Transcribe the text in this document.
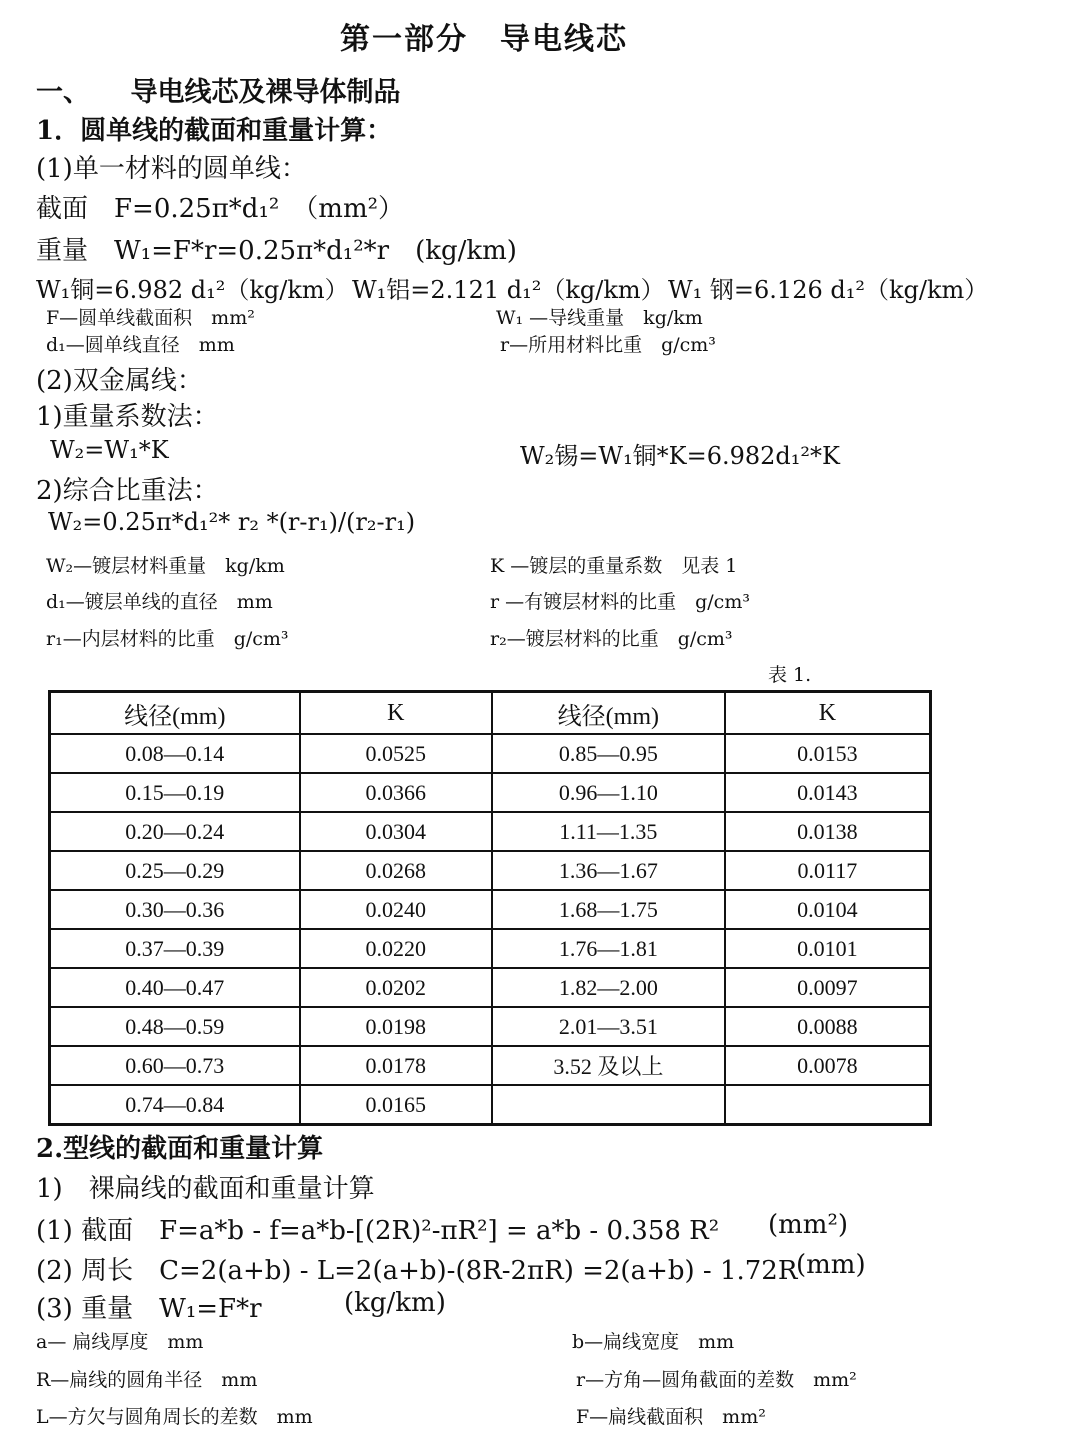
第一部分　导电线芯
一、　　导电线芯及裸导体制品
1．圆单线的截面和重量计算：
(1)单一材料的圆单线：
截面　F=0.25π*d₁²　（mm²）
重量　W₁=F*r=0.25π*d₁²*r　(kg/km)
W₁铜=6.982 d₁²（kg/km） W₁铝=2.121 d₁²（kg/km） W₁ 钢=6.126 d₁²（kg/km）
F—圆单线截面积　mm²	W₁ —导线重量　kg/km
d₁—圆单线直径　mm	r—所用材料比重　g/cm³
(2)双金属线：
1)重量系数法：
W₂=W₁*K	W₂锡=W₁铜*K=6.982d₁²*K
2)综合比重法：
W₂=0.25π*d₁²* r₂ *(r-r₁)/(r₂-r₁)
W₂—镀层材料重量　kg/km	K —镀层的重量系数　见表 1
d₁—镀层单线的直径　mm	r —有镀层材料的比重　g/cm³
r₁—内层材料的比重　g/cm³	r₂—镀层材料的比重　g/cm³
表 1.
线径(mm)	K	线径(mm)	K
0.08—0.14	0.0525	0.85—0.95	0.0153
0.15—0.19	0.0366	0.96—1.10	0.0143
0.20—0.24	0.0304	1.11—1.35	0.0138
0.25—0.29	0.0268	1.36—1.67	0.0117
0.30—0.36	0.0240	1.68—1.75	0.0104
0.37—0.39	0.0220	1.76—1.81	0.0101
0.40—0.47	0.0202	1.82—2.00	0.0097
0.48—0.59	0.0198	2.01—3.51	0.0088
0.60—0.73	0.0178	3.52 及以上	0.0078
0.74—0.84	0.0165		
2.型线的截面和重量计算
1)　裸扁线的截面和重量计算
(1) 截面　F=a*b - f=a*b-[(2R)²-πR²] = a*b - 0.358 R² (mm²)
(2) 周长　C=2(a+b) - L=2(a+b)-(8R-2πR) =2(a+b) - 1.72R
(mm)
(3) 重量　W₁=F*r	(kg/km)
a— 扁线厚度　mm	b—扁线宽度　mm
R—扁线的圆角半径　mm	r—方角—圆角截面的差数　mm²
L—方欠与圆角周长的差数　mm	F—扁线截面积　mm²
